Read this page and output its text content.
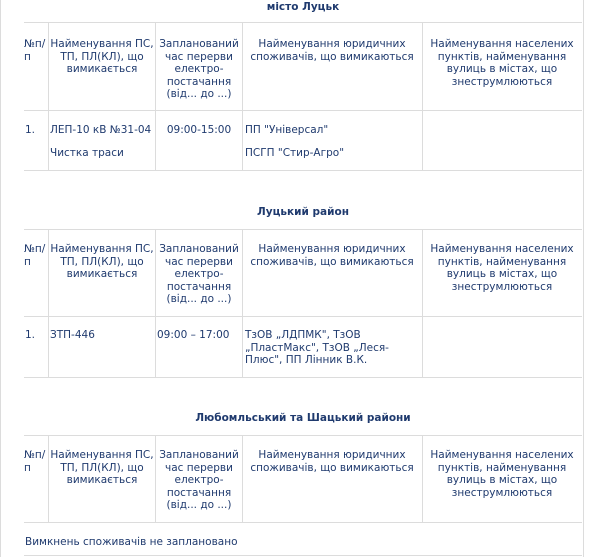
місто Луцьк
№п/п
Найменування ПС, ТП, ПЛ(КЛ), що вимикається
Запланований час перерви електро-постачання (від... до ...)
Найменування юридичних споживачів, що вимикаються
Найменування населених пунктів, найменування вулиць в містах, що знеструмлюються
1. ЛЕП-10 кВ №31-04
Чистка траси
09:00-15:00	ПП "Універсал"
ПСГП "Стир-Агро"
Луцький район
№п/п
Найменування ПС, ТП, ПЛ(КЛ), що вимикається
Запланований час перерви електро-постачання (від... до ...)
Найменування юридичних споживачів, що вимикаються
Найменування населених пунктів, найменування вулиць в містах, що знеструмлюються
1. ЗТП-446	09:00 – 17:00 ТзОВ „ЛДПМК", ТзОВ „ПластМакс", ТзОВ „Леся-Плюс", ПП Лінник В.К.
Любомльський та Шацький райони
№п/п
Найменування ПС, ТП, ПЛ(КЛ), що вимикається
Запланований час перерви електро-постачання (від... до ...)
Найменування юридичних споживачів, що вимикаються
Найменування населених пунктів, найменування вулиць в містах, що знеструмлюються
Вимкнень споживачів не заплановано
